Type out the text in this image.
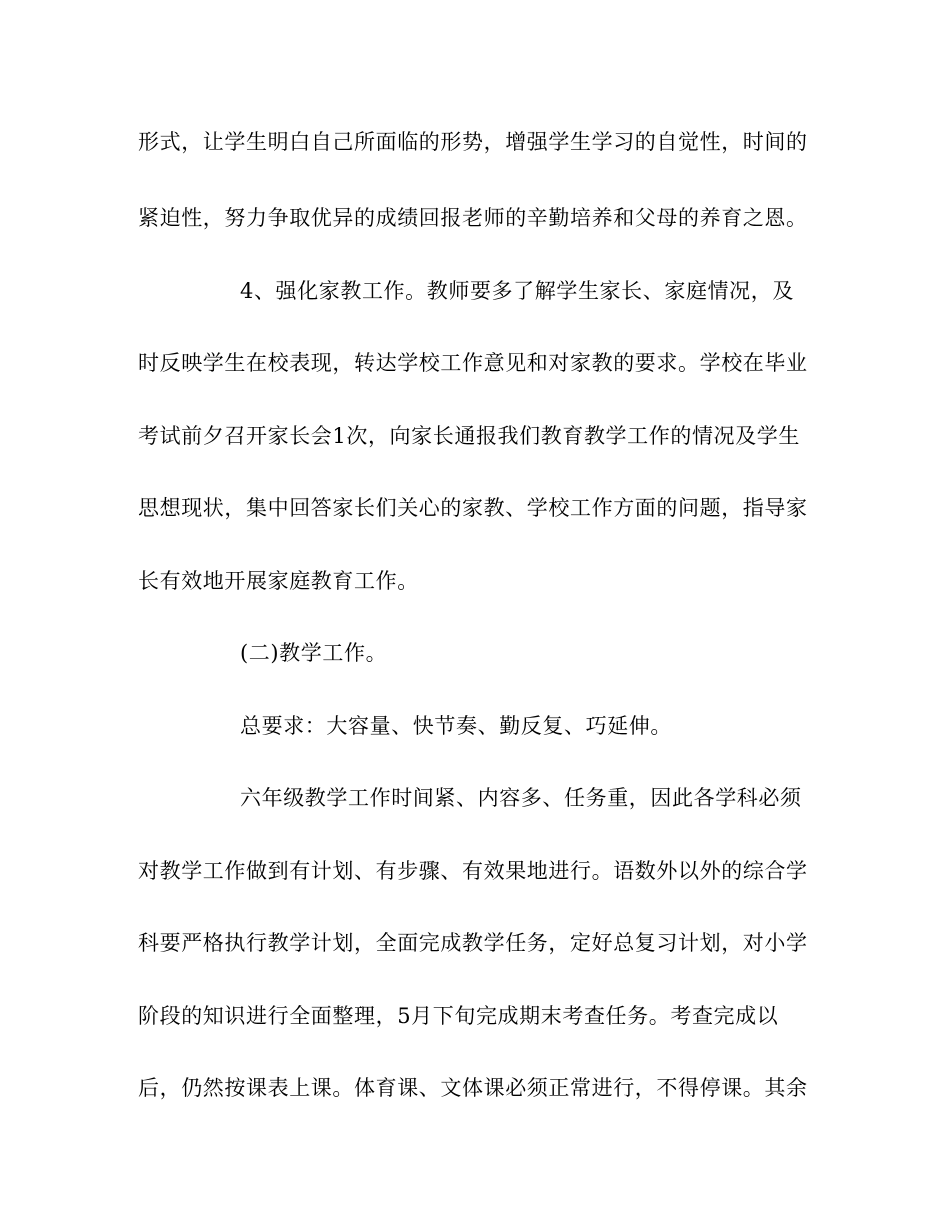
形式，让学生明白自己所面临的形势，增强学生学习的自觉性，时间的

紧迫性，努力争取优异的成绩回报老师的辛勤培养和父母的养育之恩。

4、强化家教工作。教师要多了解学生家长、家庭情况，及

时反映学生在校表现，转达学校工作意见和对家教的要求。学校在毕业

考试前夕召开家长会1次，向家长通报我们教育教学工作的情况及学生

思想现状，集中回答家长们关心的家教、学校工作方面的问题，指导家

长有效地开展家庭教育工作。

(二)教学工作。

总要求：大容量、快节奏、勤反复、巧延伸。

六年级教学工作时间紧、内容多、任务重，因此各学科必须

对教学工作做到有计划、有步骤、有效果地进行。语数外以外的综合学

科要严格执行教学计划，全面完成教学任务，定好总复习计划，对小学

阶段的知识进行全面整理，5月下旬完成期末考查任务。考查完成以

后，仍然按课表上课。体育课、文体课必须正常进行，不得停课。其余
